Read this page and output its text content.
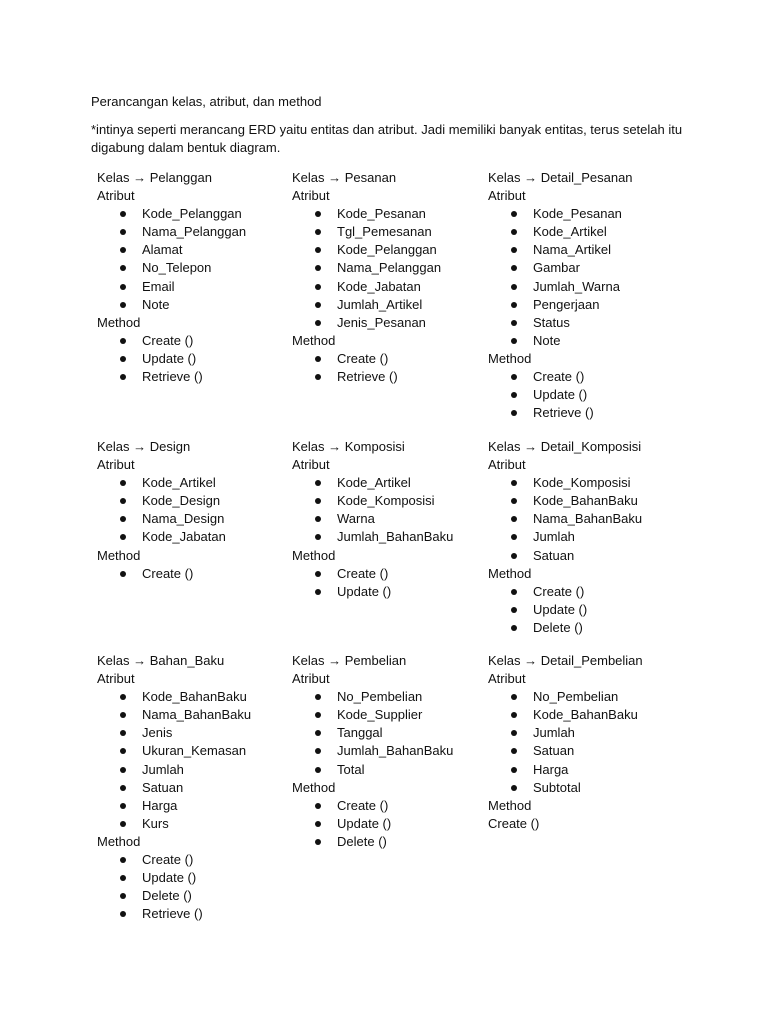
Perancangan kelas, atribut, dan method
*intinya seperti merancang ERD yaitu entitas dan atribut. Jadi memiliki banyak entitas, terus setelah itu
digabung dalam bentuk diagram.
Kelas → Pelanggan
Atribut
Kode_Pelanggan
Nama_Pelanggan
Alamat
No_Telepon
Email
Note
Method
Create ()
Update ()
Retrieve ()
Kelas → Pesanan
Atribut
Kode_Pesanan
Tgl_Pemesanan
Kode_Pelanggan
Nama_Pelanggan
Kode_Jabatan
Jumlah_Artikel
Jenis_Pesanan
Method
Create ()
Retrieve ()
Kelas → Detail_Pesanan
Atribut
Kode_Pesanan
Kode_Artikel
Nama_Artikel
Gambar
Jumlah_Warna
Pengerjaan
Status
Note
Method
Create ()
Update ()
Retrieve ()
Kelas → Design
Atribut
Kode_Artikel
Kode_Design
Nama_Design
Kode_Jabatan
Method
Create ()
Kelas → Komposisi
Atribut
Kode_Artikel
Kode_Komposisi
Warna
Jumlah_BahanBaku
Method
Create ()
Update ()
Kelas → Detail_Komposisi
Atribut
Kode_Komposisi
Kode_BahanBaku
Nama_BahanBaku
Jumlah
Satuan
Method
Create ()
Update ()
Delete ()
Kelas → Bahan_Baku
Atribut
Kode_BahanBaku
Nama_BahanBaku
Jenis
Ukuran_Kemasan
Jumlah
Satuan
Harga
Kurs
Method
Create ()
Update ()
Delete ()
Retrieve ()
Kelas → Pembelian
Atribut
No_Pembelian
Kode_Supplier
Tanggal
Jumlah_BahanBaku
Total
Method
Create ()
Update ()
Delete ()
Kelas → Detail_Pembelian
Atribut
No_Pembelian
Kode_BahanBaku
Jumlah
Satuan
Harga
Subtotal
Method
Create ()
